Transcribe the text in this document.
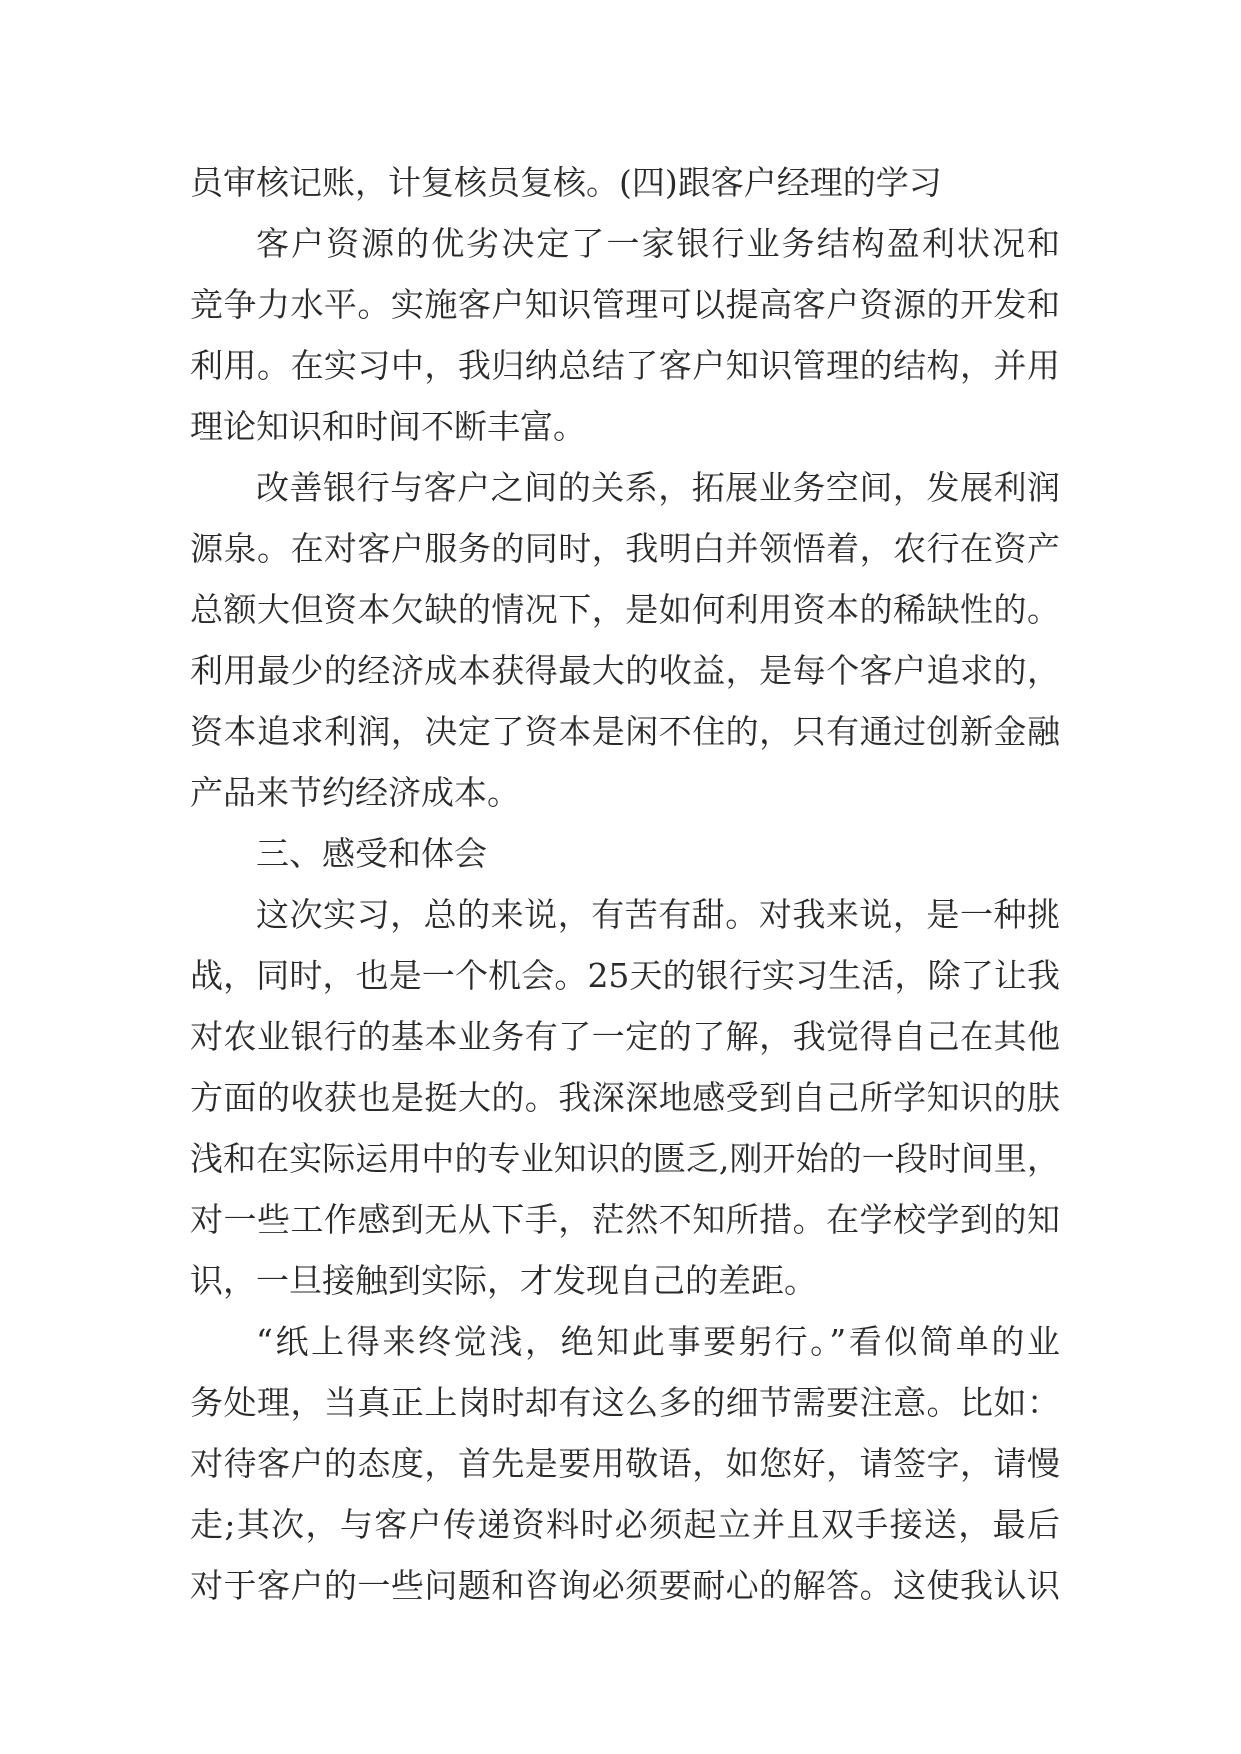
员审核记账，计复核员复核。(四)跟客户经理的学习
客户资源的优劣决定了一家银行业务结构盈利状况和
竞争力水平。实施客户知识管理可以提高客户资源的开发和
利用。在实习中，我归纳总结了客户知识管理的结构，并用
理论知识和时间不断丰富。
改善银行与客户之间的关系，拓展业务空间，发展利润
源泉。在对客户服务的同时，我明白并领悟着，农行在资产
总额大但资本欠缺的情况下，是如何利用资本的稀缺性的。
利用最少的经济成本获得最大的收益，是每个客户追求的，
资本追求利润，决定了资本是闲不住的，只有通过创新金融
产品来节约经济成本。
三、感受和体会
这次实习，总的来说，有苦有甜。对我来说，是一种挑
战，同时，也是一个机会。25天的银行实习生活，除了让我
对农业银行的基本业务有了一定的了解，我觉得自己在其他
方面的收获也是挺大的。我深深地感受到自己所学知识的肤
浅和在实际运用中的专业知识的匮乏,刚开始的一段时间里，
对一些工作感到无从下手，茫然不知所措。在学校学到的知
识，一旦接触到实际，才发现自己的差距。
“纸上得来终觉浅，绝知此事要躬行。”看似简单的业
务处理，当真正上岗时却有这么多的细节需要注意。比如：
对待客户的态度，首先是要用敬语，如您好，请签字，请慢
走;其次，与客户传递资料时必须起立并且双手接送，最后
对于客户的一些问题和咨询必须要耐心的解答。这使我认识
